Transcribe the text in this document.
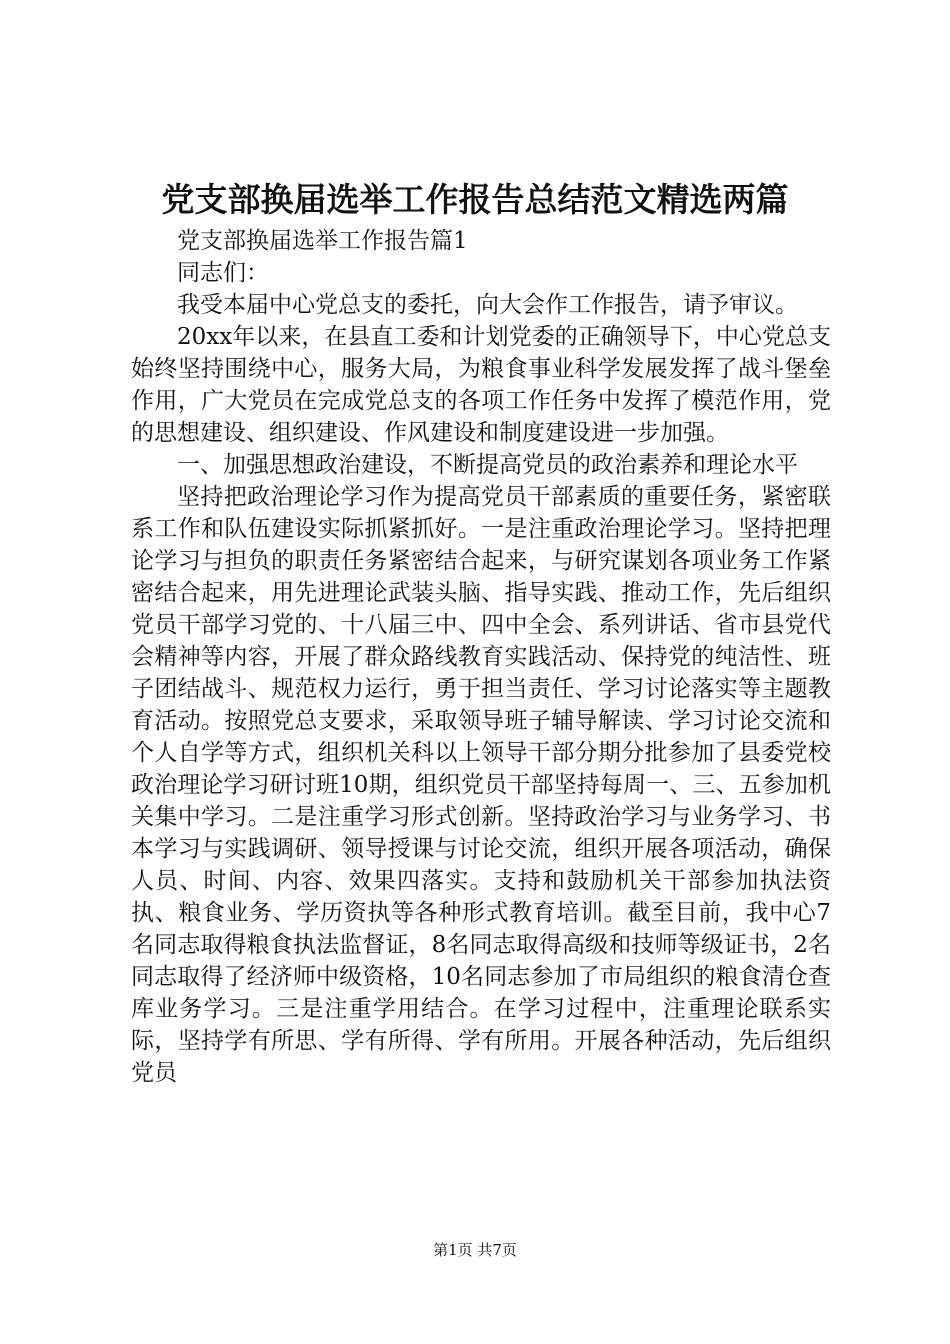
党支部换届选举工作报告总结范文精选两篇

党支部换届选举工作报告篇1

同志们：

我受本届中心党总支的委托，向大会作工作报告，请予审议。

20xx年以来，在县直工委和计划党委的正确领导下，中心党总支始终坚持围绕中心，服务大局，为粮食事业科学发展发挥了战斗堡垒作用，广大党员在完成党总支的各项工作任务中发挥了模范作用，党的思想建设、组织建设、作风建设和制度建设进一步加强。

一、加强思想政治建设，不断提高党员的政治素养和理论水平

坚持把政治理论学习作为提高党员干部素质的重要任务，紧密联系工作和队伍建设实际抓紧抓好。一是注重政治理论学习。坚持把理论学习与担负的职责任务紧密结合起来，与研究谋划各项业务工作紧密结合起来，用先进理论武装头脑、指导实践、推动工作，先后组织党员干部学习党的、十八届三中、四中全会、系列讲话、省市县党代会精神等内容，开展了群众路线教育实践活动、保持党的纯洁性、班子团结战斗、规范权力运行，勇于担当责任、学习讨论落实等主题教育活动。按照党总支要求，采取领导班子辅导解读、学习讨论交流和个人自学等方式，组织机关科以上领导干部分期分批参加了县委党校政治理论学习研讨班10期，组织党员干部坚持每周一、三、五参加机关集中学习。二是注重学习形式创新。坚持政治学习与业务学习、书本学习与实践调研、领导授课与讨论交流，组织开展各项活动，确保人员、时间、内容、效果四落实。支持和鼓励机关干部参加执法资执、粮食业务、学历资执等各种形式教育培训。截至目前，我中心7名同志取得粮食执法监督证，8名同志取得高级和技师等级证书，2名同志取得了经济师中级资格，10名同志参加了市局组织的粮食清仓查库业务学习。三是注重学用结合。在学习过程中，注重理论联系实际，坚持学有所思、学有所得、学有所用。开展各种活动，先后组织党员

第1页 共7页
